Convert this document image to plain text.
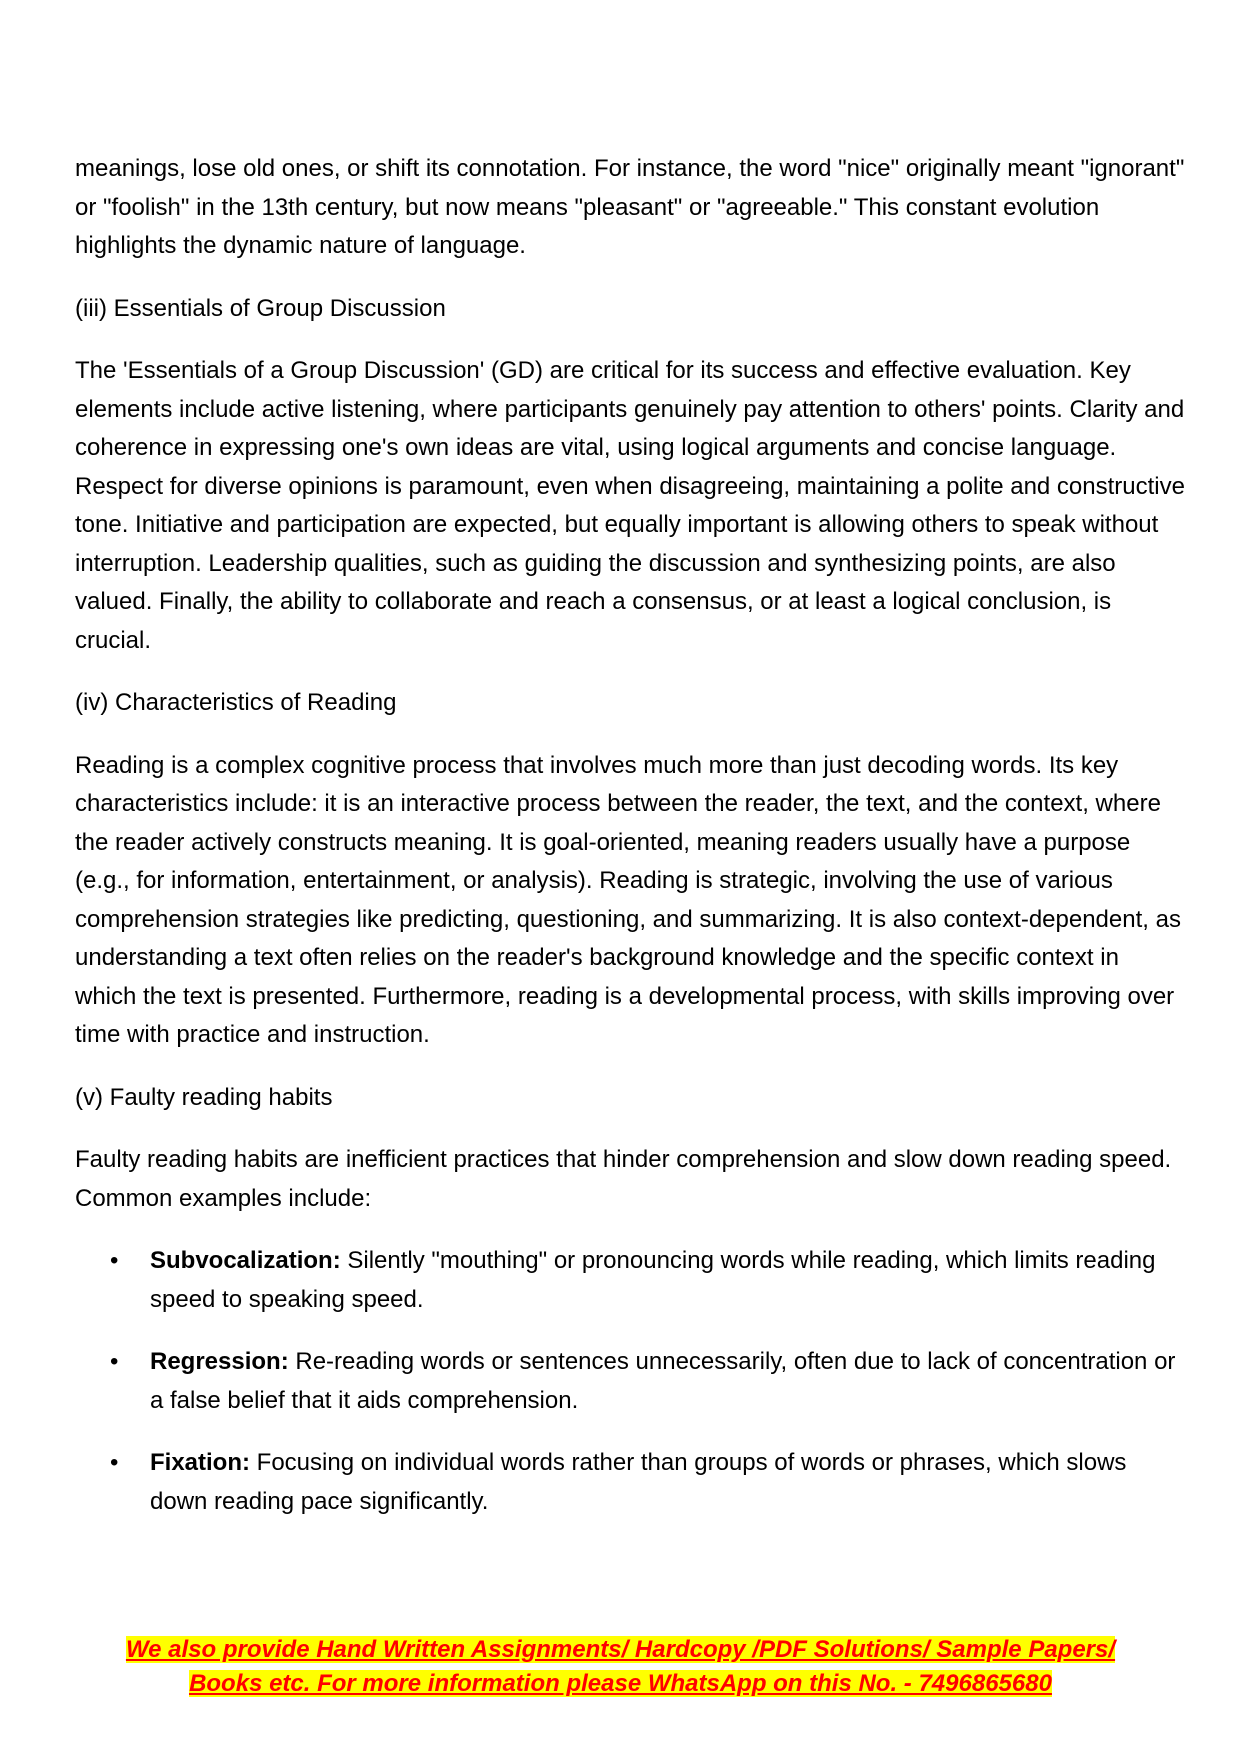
meanings, lose old ones, or shift its connotation. For instance, the word "nice" originally meant "ignorant" or "foolish" in the 13th century, but now means "pleasant" or "agreeable." This constant evolution highlights the dynamic nature of language.

(iii) Essentials of Group Discussion

The 'Essentials of a Group Discussion' (GD) are critical for its success and effective evaluation. Key elements include active listening, where participants genuinely pay attention to others' points. Clarity and coherence in expressing one's own ideas are vital, using logical arguments and concise language. Respect for diverse opinions is paramount, even when disagreeing, maintaining a polite and constructive tone. Initiative and participation are expected, but equally important is allowing others to speak without interruption. Leadership qualities, such as guiding the discussion and synthesizing points, are also valued. Finally, the ability to collaborate and reach a consensus, or at least a logical conclusion, is crucial.

(iv) Characteristics of Reading

Reading is a complex cognitive process that involves much more than just decoding words. Its key characteristics include: it is an interactive process between the reader, the text, and the context, where the reader actively constructs meaning. It is goal-oriented, meaning readers usually have a purpose (e.g., for information, entertainment, or analysis). Reading is strategic, involving the use of various comprehension strategies like predicting, questioning, and summarizing. It is also context-dependent, as understanding a text often relies on the reader's background knowledge and the specific context in which the text is presented. Furthermore, reading is a developmental process, with skills improving over time with practice and instruction.

(v) Faulty reading habits

Faulty reading habits are inefficient practices that hinder comprehension and slow down reading speed. Common examples include:

• Subvocalization: Silently "mouthing" or pronouncing words while reading, which limits reading speed to speaking speed.
• Regression: Re-reading words or sentences unnecessarily, often due to lack of concentration or a false belief that it aids comprehension.
• Fixation: Focusing on individual words rather than groups of words or phrases, which slows down reading pace significantly.
We also provide Hand Written Assignments/ Hardcopy /PDF Solutions/ Sample Papers/
Books etc. For more information please WhatsApp on this No. - 7496865680
